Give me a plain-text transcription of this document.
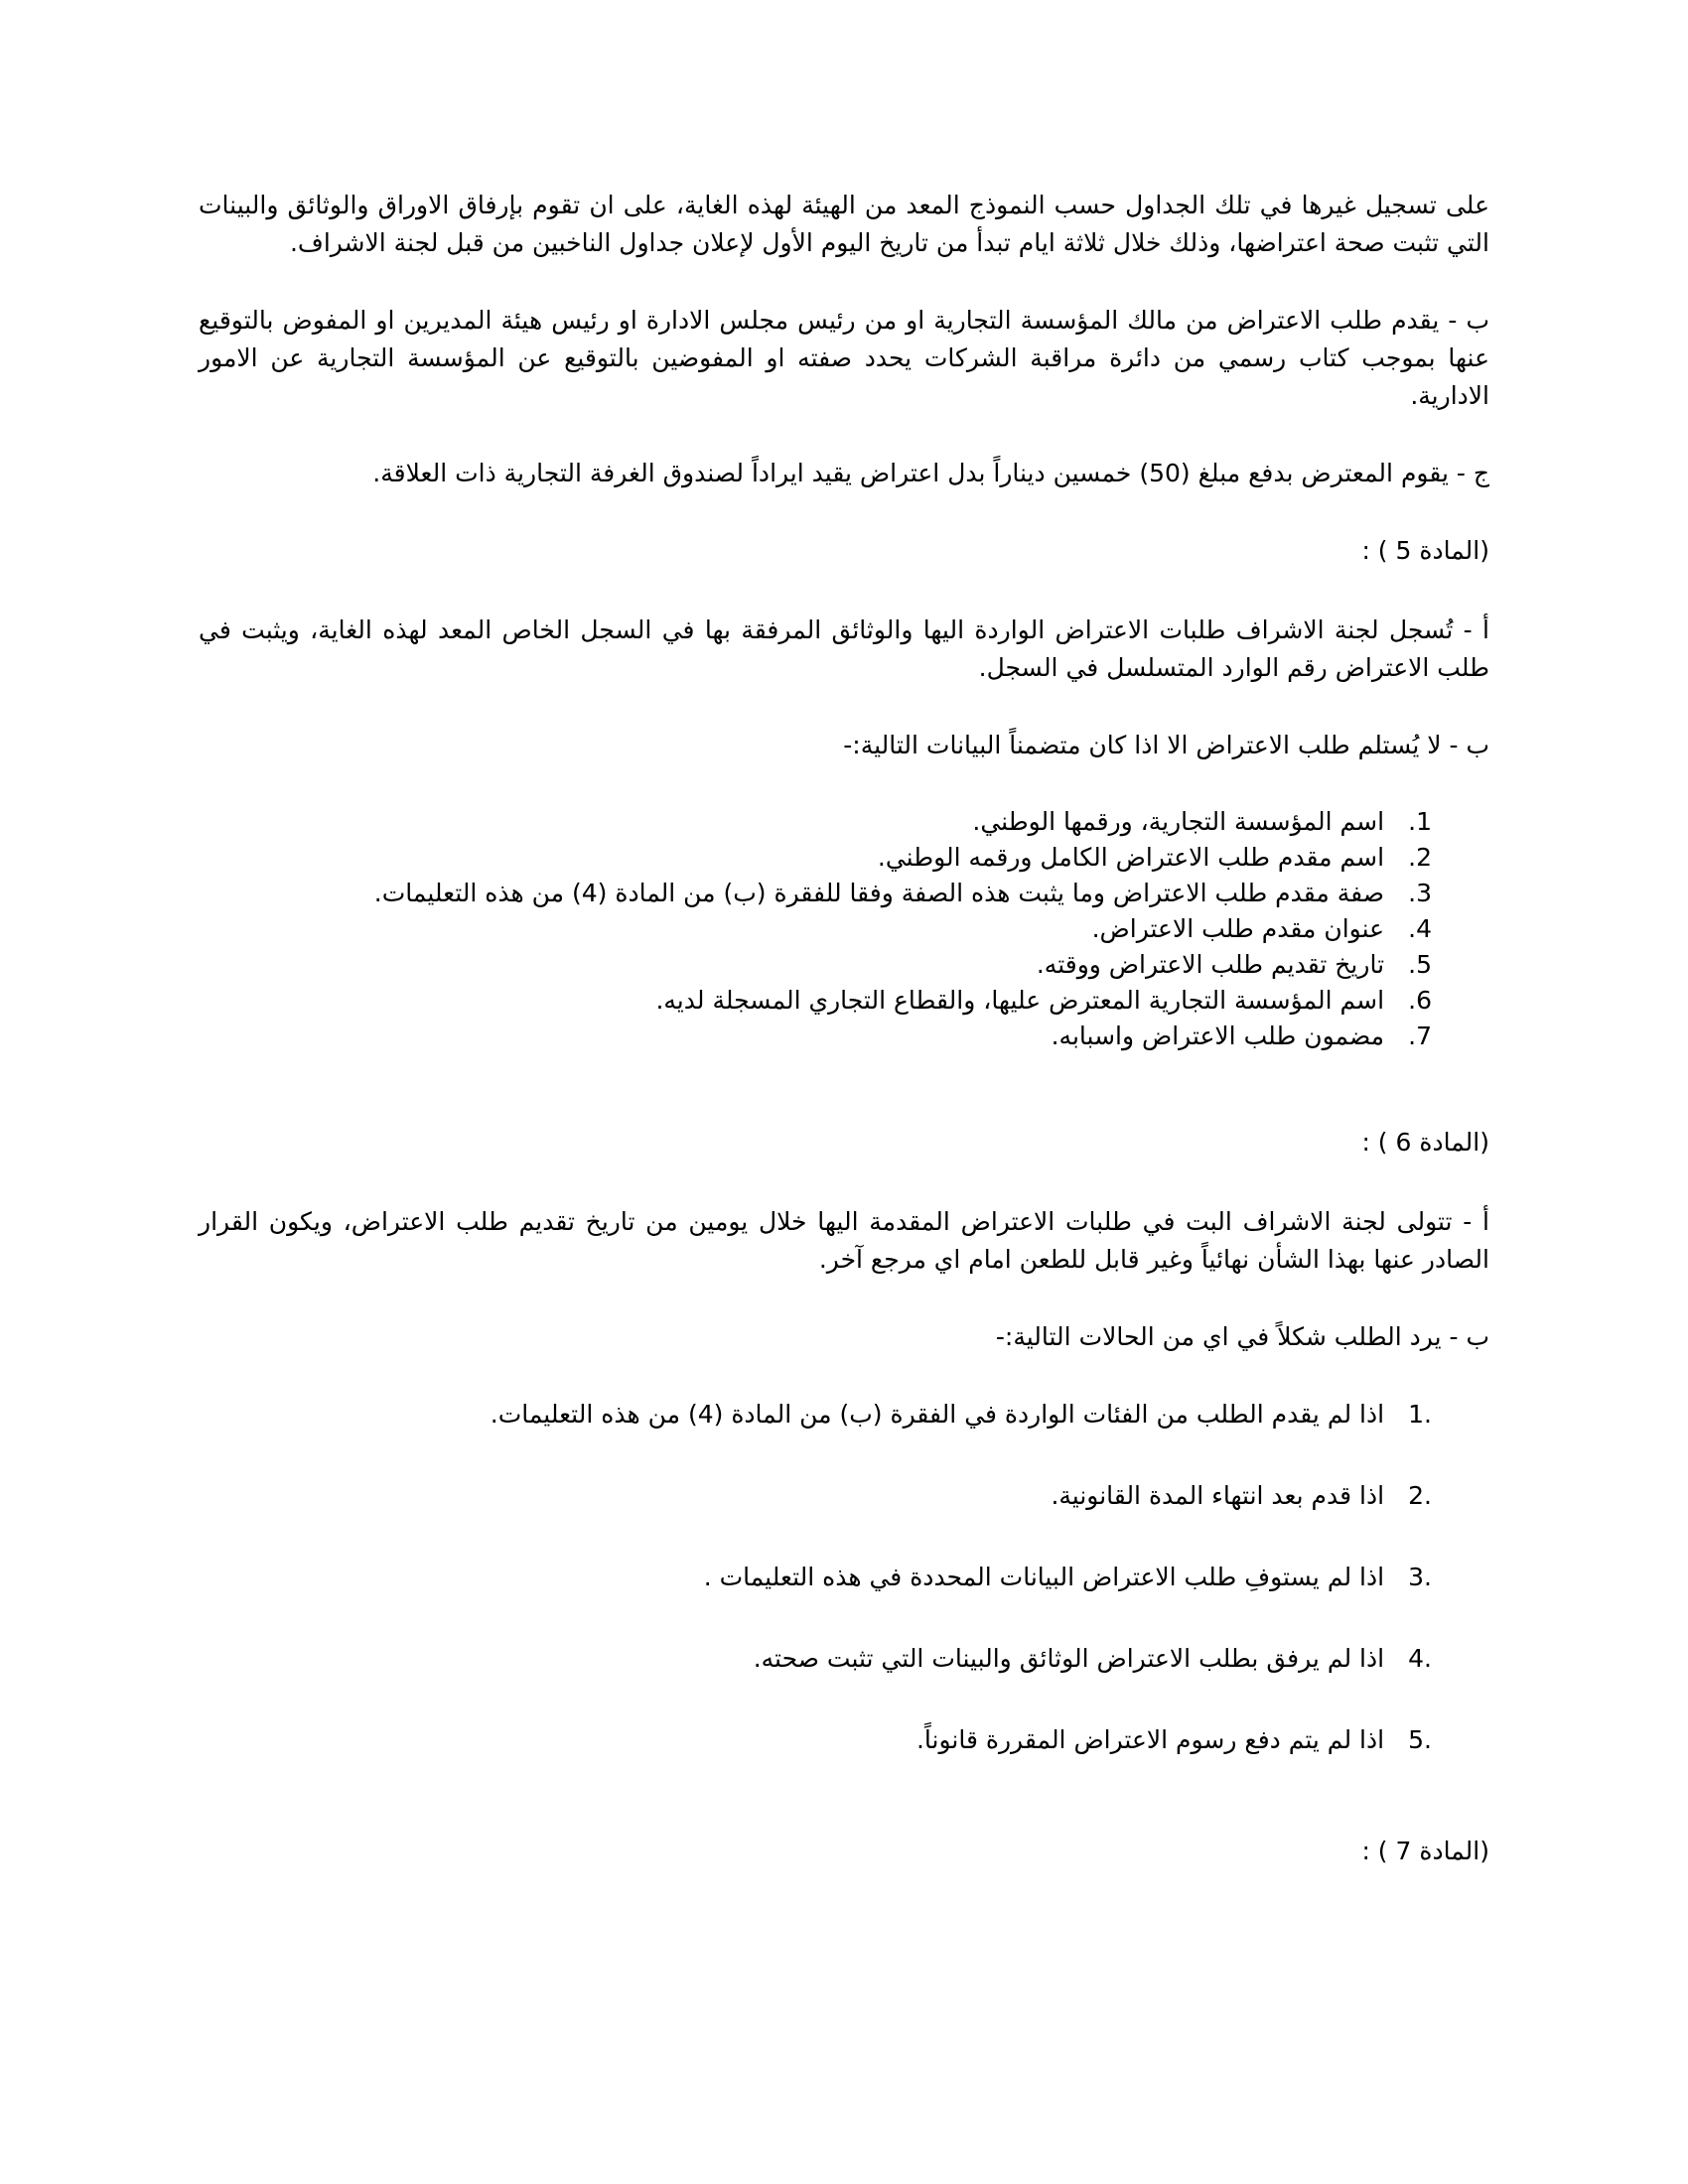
على تسجيل غيرها في تلك الجداول حسب النموذج المعد من الهيئة لهذه الغاية، على ان تقوم بإرفاق الاوراق والوثائق والبينات التي تثبت صحة اعتراضها، وذلك خلال ثلاثة ايام تبدأ من تاريخ اليوم الأول لإعلان جداول الناخبين من قبل لجنة الاشراف.

ب - يقدم طلب الاعتراض من مالك المؤسسة التجارية او من رئيس مجلس الادارة او رئيس هيئة المديرين او المفوض بالتوقيع عنها بموجب كتاب رسمي من دائرة مراقبة الشركات يحدد صفته او المفوضين بالتوقيع عن المؤسسة التجارية عن الامور الادارية.

ج - يقوم المعترض بدفع مبلغ (50) خمسين ديناراً بدل اعتراض يقيد ايراداً لصندوق الغرفة التجارية ذات العلاقة.

(المادة 5 ) :

أ - تُسجل لجنة الاشراف طلبات الاعتراض الواردة اليها والوثائق المرفقة بها في السجل الخاص المعد لهذه الغاية، ويثبت في طلب الاعتراض رقم الوارد المتسلسل في السجل.

ب - لا يُستلم طلب الاعتراض الا اذا كان متضمناً البيانات التالية:-

1. اسم المؤسسة التجارية، ورقمها الوطني.
2. اسم مقدم طلب الاعتراض الكامل ورقمه الوطني.
3. صفة مقدم طلب الاعتراض وما يثبت هذه الصفة وفقا للفقرة (ب) من المادة (4) من هذه التعليمات.
4. عنوان مقدم طلب الاعتراض.
5. تاريخ تقديم طلب الاعتراض ووقته.
6. اسم المؤسسة التجارية المعترض عليها، والقطاع التجاري المسجلة لديه.
7. مضمون طلب الاعتراض واسبابه.

(المادة 6 ) :

أ - تتولى لجنة الاشراف البت في طلبات الاعتراض المقدمة اليها خلال يومين من تاريخ تقديم طلب الاعتراض، ويكون القرار الصادر عنها بهذا الشأن نهائياً وغير قابل للطعن امام اي مرجع آخر.

ب - يرد الطلب شكلاً في اي من الحالات التالية:-

.1 اذا لم يقدم الطلب من الفئات الواردة في الفقرة (ب) من المادة (4) من هذه التعليمات.
.2 اذا قدم بعد انتهاء المدة القانونية.
.3 اذا لم يستوفِ طلب الاعتراض البيانات المحددة في هذه التعليمات .
.4 اذا لم يرفق بطلب الاعتراض الوثائق والبينات التي تثبت صحته.
.5 اذا لم يتم دفع رسوم الاعتراض المقررة قانوناً.

(المادة 7 ) :
